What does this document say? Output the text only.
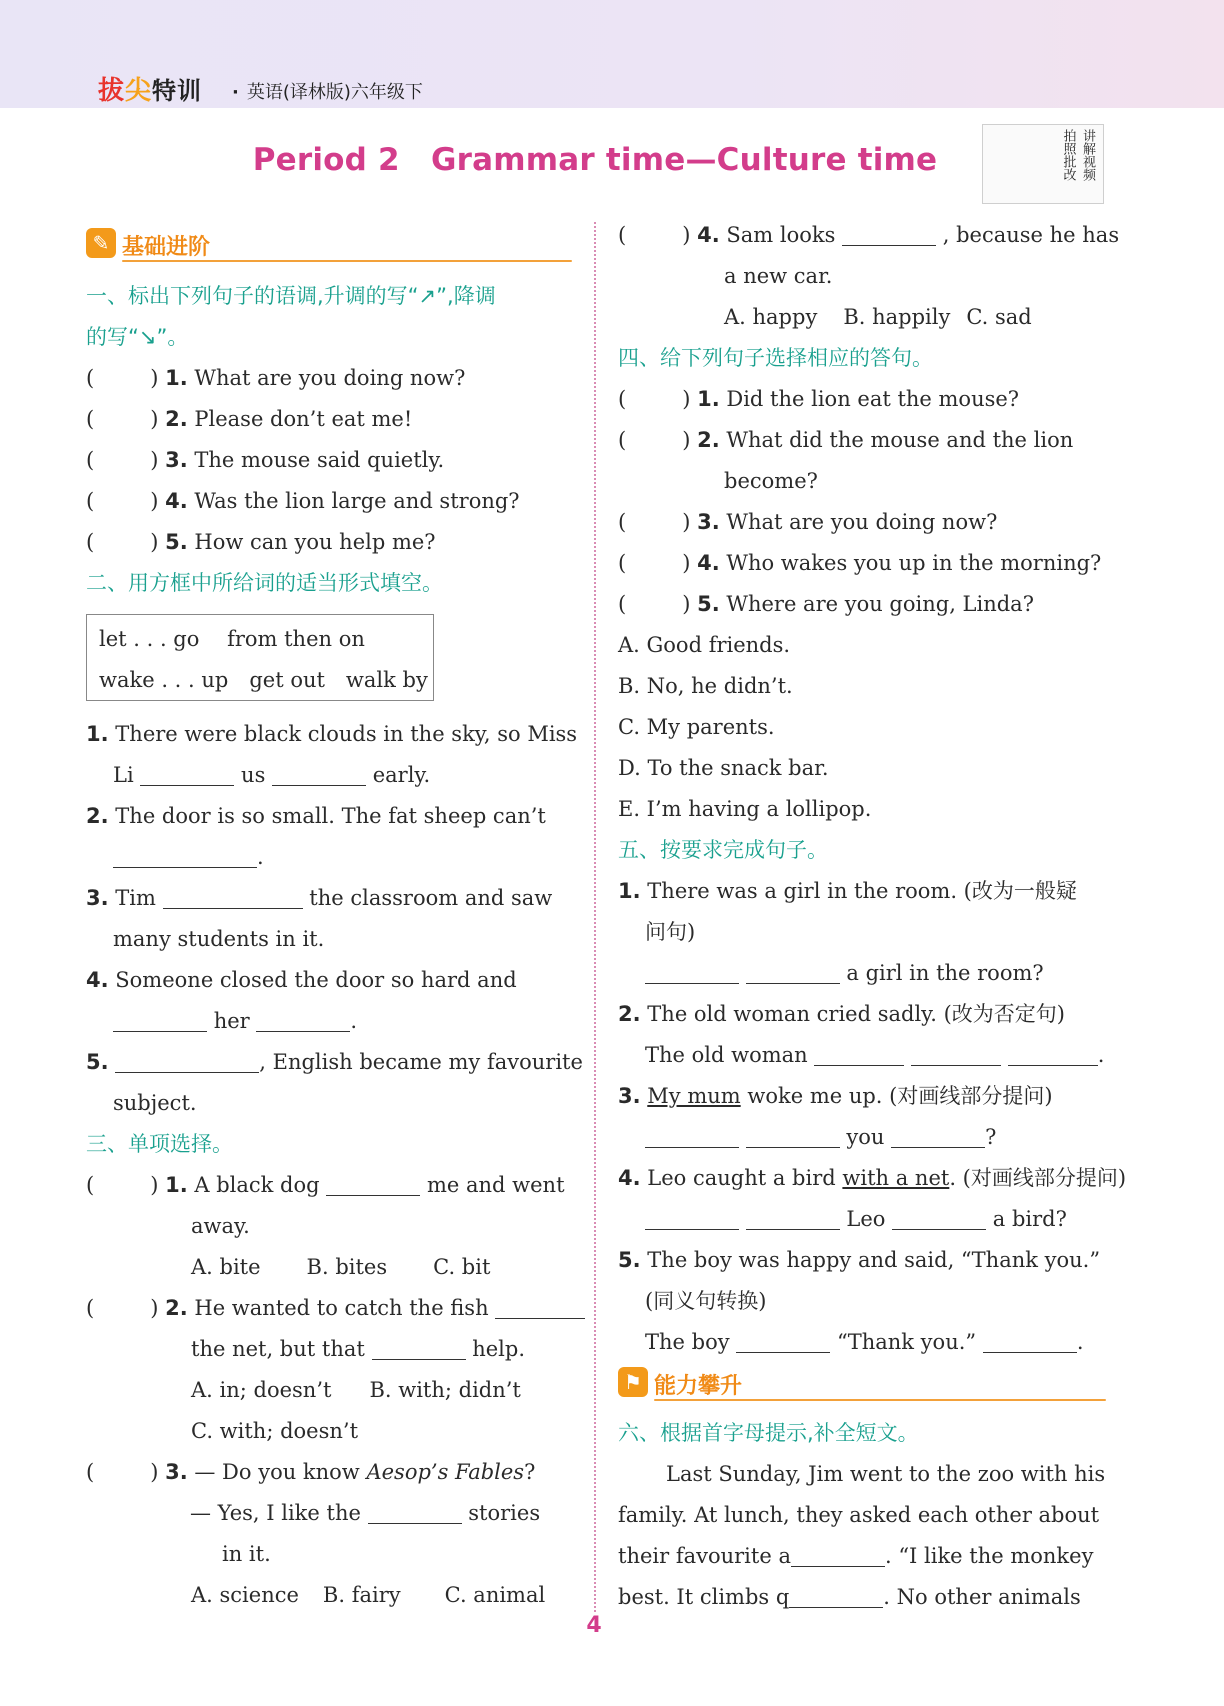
拔尖特训 · 英语(译林版)六年级下
Period 2　Grammar time—Culture time	讲解视频
拍照批改
✎ 基础进阶
一、标出下列句子的语调,升调的写“↗”,降调
的写“↘”。
(	) 1. What are you doing now?
(	) 2. Please don’t eat me!
(	) 3. The mouse said quietly.
(	) 4. Was the lion large and strong?
(	) 5. How can you help me?
二、用方框中所给词的适当形式填空。
let . . . go　 from then on
wake . . . up　get out　walk by
1. There were black clouds in the sky, so Miss
Li	us	early.
2. The door is so small. The fat sheep can’t
.
3. Tim	the classroom and saw
many students in it.
4. Someone closed the door so hard and
her	.
5.	, English became my favourite
subject.
三、单项选择。
(	) 1. A black dog	me and went
away.
A. bite B. bites C. bit
(	) 2. He wanted to catch the fish
the net, but that	help.
A. in; doesn’t B. with; didn’t
C. with; doesn’t
(	) 3. — Do you know Aesop’s Fables?
— Yes, I like the	stories
in it.
A. science B. fairy C. animal
(	) 4. Sam looks	, because he has
a new car.
A. happy B. happily C. sad
四、给下列句子选择相应的答句。
(	) 1. Did the lion eat the mouse?
(	) 2. What did the mouse and the lion
become?
(	) 3. What are you doing now?
(	) 4. Who wakes you up in the morning?
(	) 5. Where are you going, Linda?
A. Good friends.
B. No, he didn’t.
C. My parents.
D. To the snack bar.
E. I’m having a lollipop.
五、按要求完成句子。
1. There was a girl in the room. (改为一般疑
问句)
a girl in the room?
2. The old woman cried sadly. (改为否定句)
The old woman	.
3. My mum woke me up. (对画线部分提问)
you	?
4. Leo caught a bird with a net. (对画线部分提问)
Leo	a bird?
5. The boy was happy and said, “Thank you.”
(同义句转换)
The boy	“Thank you.”	.
⚑ 能力攀升
六、根据首字母提示,补全短文。
Last Sunday, Jim went to the zoo with his
family. At lunch, they asked each other about
their favourite a	. “I like the monkey
best. It climbs q	. No other animals
4
